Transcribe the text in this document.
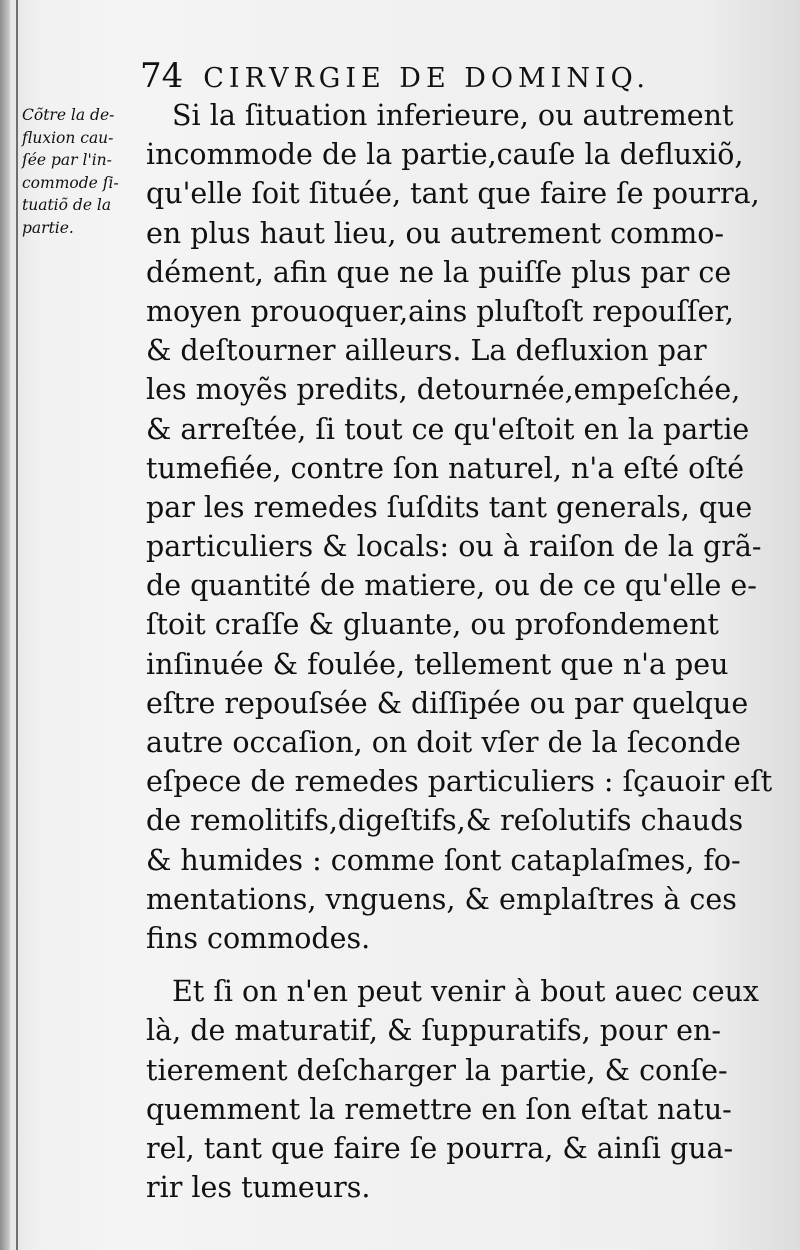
74 CIRVRGIE DE DOMINIQ.
Cõtre la de-
fluxion cau-
ſée par l'in-
commode ſi-
tuatiõ de la
partie.
Si la ſituation inferieure, ou autrement
incommode de la partie,cauſe la defluxiõ,
qu'elle ſoit ſituée, tant que faire ſe pourra,
en plus haut lieu, ou autrement commo-
dément, afin que ne la puiſſe plus par ce
moyen prouoquer,ains pluſtoſt repouſſer,
& deſtourner ailleurs. La defluxion par
les moyẽs predits, detournée,empeſchée,
& arreſtée, ſi tout ce qu'eſtoit en la partie
tumefiée, contre ſon naturel, n'a eſté oſté
par les remedes ſuſdits tant generals, que
particuliers & locals: ou à raiſon de la grã-
de quantité de matiere, ou de ce qu'elle e-
ſtoit craſſe & gluante, ou profondement
inſinuée & foulée, tellement que n'a peu
eſtre repouſsée & diſſipée ou par quelque
autre occaſion, on doit vſer de la ſeconde
eſpece de remedes particuliers : ſçauoir eſt
de remolitifs,digeſtifs,& reſolutifs chauds
& humides : comme ſont cataplaſmes, fo-
mentations, vnguens, & emplaſtres à ces
fins commodes.
Et ſi on n'en peut venir à bout auec ceux
là, de maturatif, & ſuppuratifs, pour en-
tierement deſcharger la partie, & conſe-
quemment la remettre en ſon eſtat natu-
rel, tant que faire ſe pourra, & ainſi gua-
rir les tumeurs.
